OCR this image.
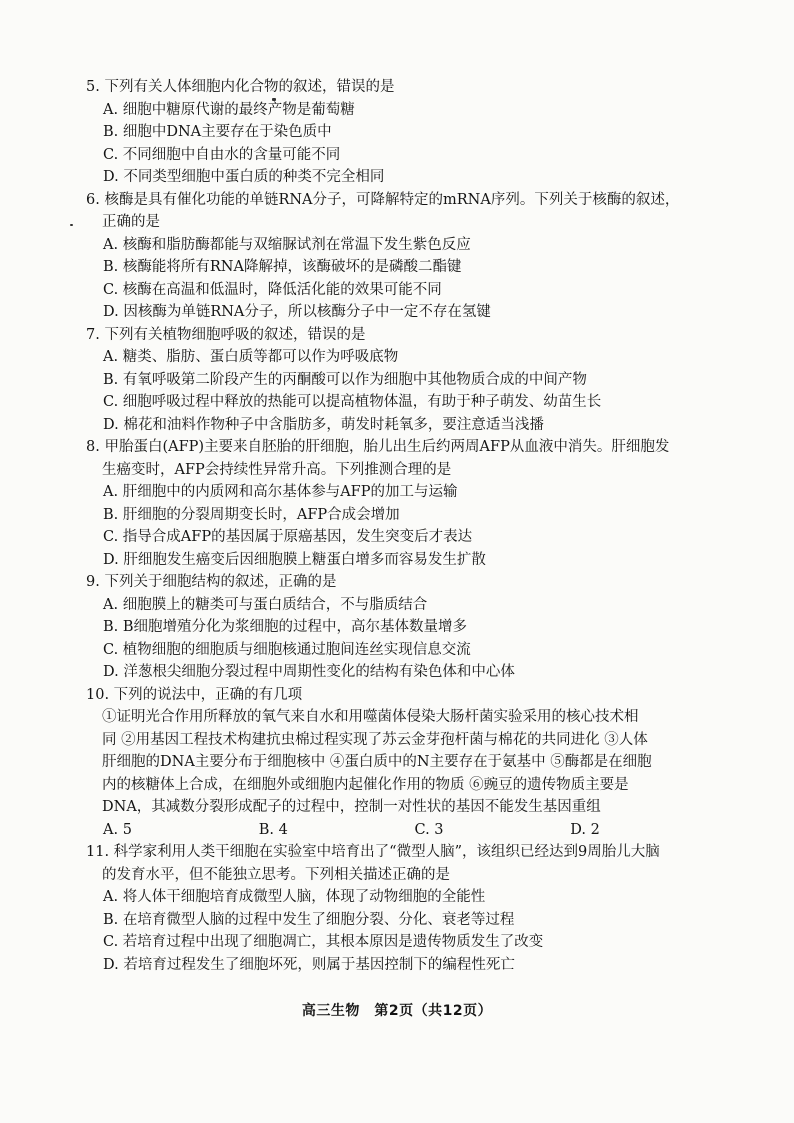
5. 下列有关人体细胞内化合物的叙述，错误的是
A. 细胞中糖原代谢的最终产物是葡萄糖
B. 细胞中DNA主要存在于染色质中
C. 不同细胞中自由水的含量可能不同
D. 不同类型细胞中蛋白质的种类不完全相同
6. 核酶是具有催化功能的单链RNA分子，可降解特定的mRNA序列。下列关于核酶的叙述，
正确的是
A. 核酶和脂肪酶都能与双缩脲试剂在常温下发生紫色反应
B. 核酶能将所有RNA降解掉，该酶破坏的是磷酸二酯键
C. 核酶在高温和低温时，降低活化能的效果可能不同
D. 因核酶为单链RNA分子，所以核酶分子中一定不存在氢键
7. 下列有关植物细胞呼吸的叙述，错误的是
A. 糖类、脂肪、蛋白质等都可以作为呼吸底物
B. 有氧呼吸第二阶段产生的丙酮酸可以作为细胞中其他物质合成的中间产物
C. 细胞呼吸过程中释放的热能可以提高植物体温，有助于种子萌发、幼苗生长
D. 棉花和油料作物种子中含脂肪多，萌发时耗氧多，要注意适当浅播
8. 甲胎蛋白(AFP)主要来自胚胎的肝细胞，胎儿出生后约两周AFP从血液中消失。肝细胞发
生癌变时，AFP会持续性异常升高。下列推测合理的是
A. 肝细胞中的内质网和高尔基体参与AFP的加工与运输
B. 肝细胞的分裂周期变长时，AFP合成会增加
C. 指导合成AFP的基因属于原癌基因，发生突变后才表达
D. 肝细胞发生癌变后因细胞膜上糖蛋白增多而容易发生扩散
9. 下列关于细胞结构的叙述，正确的是
A. 细胞膜上的糖类可与蛋白质结合，不与脂质结合
B. B细胞增殖分化为浆细胞的过程中，高尔基体数量增多
C. 植物细胞的细胞质与细胞核通过胞间连丝实现信息交流
D. 洋葱根尖细胞分裂过程中周期性变化的结构有染色体和中心体
10. 下列的说法中，正确的有几项
①证明光合作用所释放的氧气来自水和用噬菌体侵染大肠杆菌实验采用的核心技术相
同 ②用基因工程技术构建抗虫棉过程实现了苏云金芽孢杆菌与棉花的共同进化 ③人体
肝细胞的DNA主要分布于细胞核中 ④蛋白质中的N主要存在于氨基中 ⑤酶都是在细胞
内的核糖体上合成，在细胞外或细胞内起催化作用的物质 ⑥豌豆的遗传物质主要是
DNA，其减数分裂形成配子的过程中，控制一对性状的基因不能发生基因重组
A. 5	B. 4	C. 3	D. 2
11. 科学家利用人类干细胞在实验室中培育出了“微型人脑”，该组织已经达到9周胎儿大脑
的发育水平，但不能独立思考。下列相关描述正确的是
A. 将人体干细胞培育成微型人脑，体现了动物细胞的全能性
B. 在培育微型人脑的过程中发生了细胞分裂、分化、衰老等过程
C. 若培育过程中出现了细胞凋亡，其根本原因是遗传物质发生了改变
D. 若培育过程发生了细胞坏死，则属于基因控制下的编程性死亡
高三生物　第2页（共12页）
